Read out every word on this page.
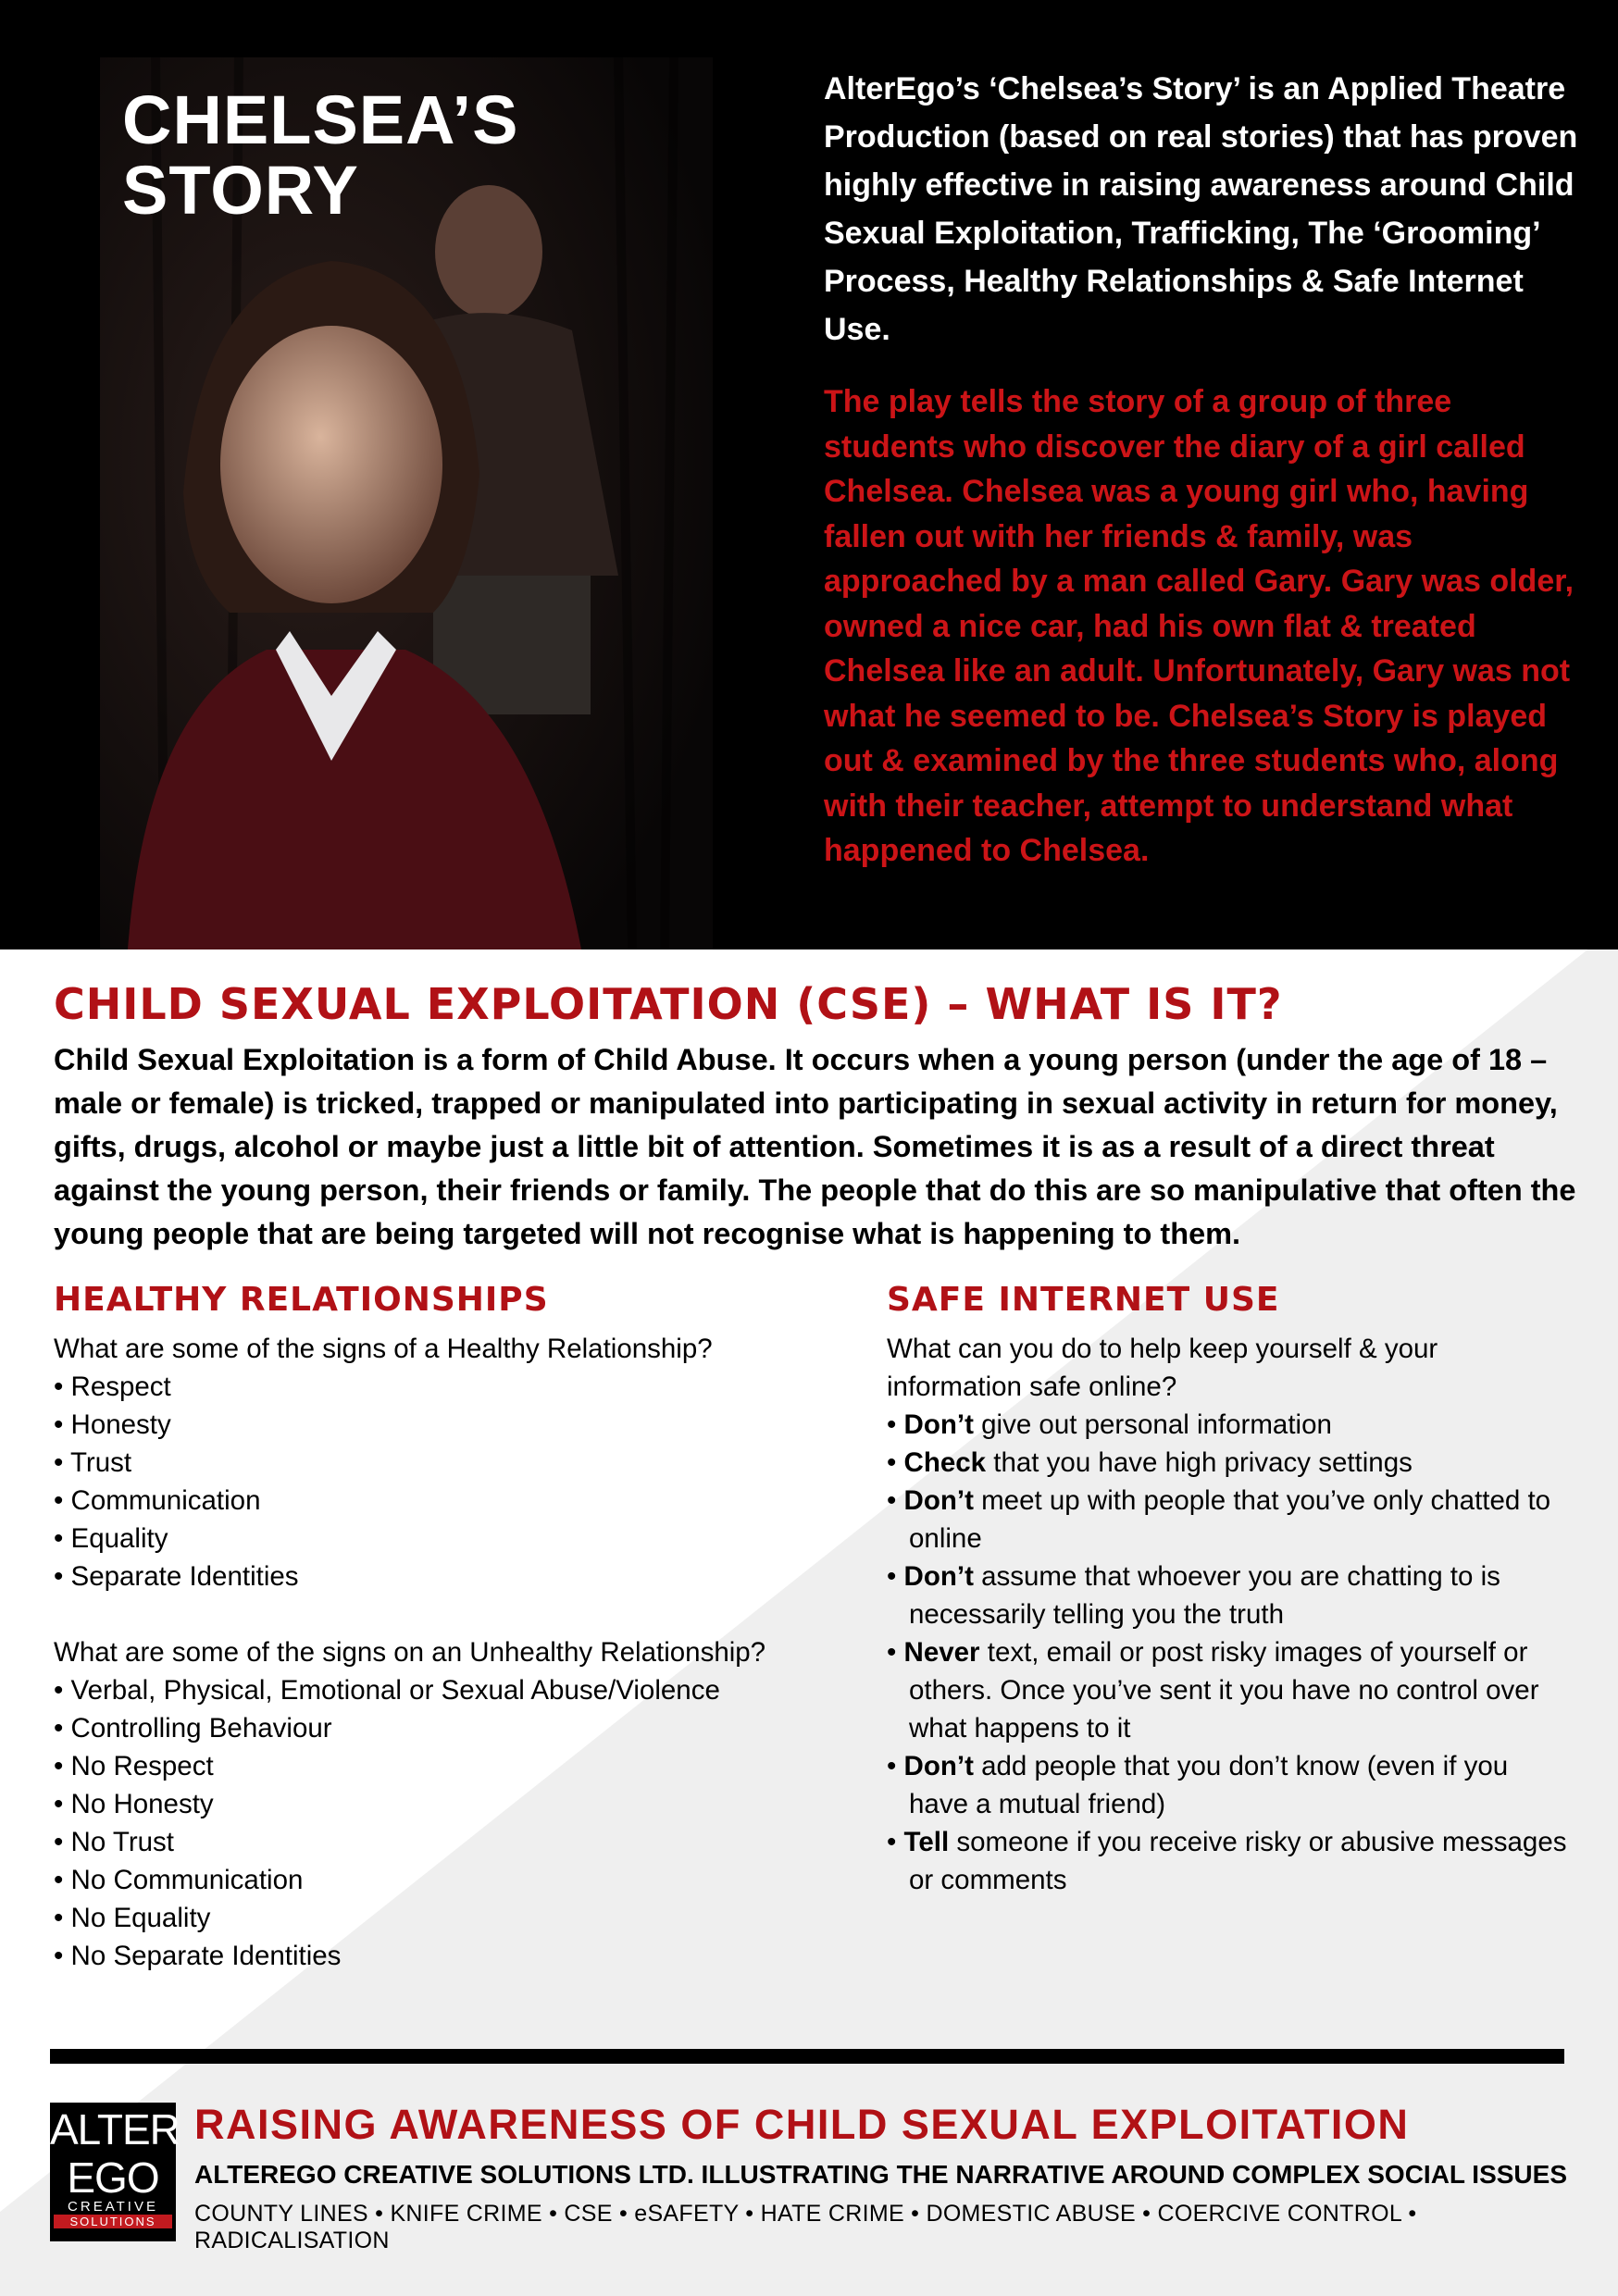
CHELSEA’S
STORY

AlterEgo’s ‘Chelsea’s Story’ is an Applied Theatre Production (based on real stories) that has proven highly effective in raising awareness around Child Sexual Exploitation, Trafficking, The ‘Grooming’ Process, Healthy Relationships & Safe Internet Use.

The play tells the story of a group of three students who discover the diary of a girl called Chelsea. Chelsea was a young girl who, having fallen out with her friends & family, was approached by a man called Gary. Gary was older, owned a nice car, had his own flat & treated Chelsea like an adult. Unfortunately, Gary was not what he seemed to be. Chelsea’s Story is played out & examined by the three students who, along with their teacher, attempt to understand what happened to Chelsea.

CHILD SEXUAL EXPLOITATION (CSE) – WHAT IS IT?

Child Sexual Exploitation is a form of Child Abuse. It occurs when a young person (under the age of 18 – male or female) is tricked, trapped or manipulated into participating in sexual activity in return for money, gifts, drugs, alcohol or maybe just a little bit of attention. Sometimes it is as a result of a direct threat against the young person, their friends or family. The people that do this are so manipulative that often the young people that are being targeted will not recognise what is happening to them.

HEALTHY RELATIONSHIPS

What are some of the signs of a Healthy Relationship?

• Respect
• Honesty
• Trust
• Communication
• Equality
• Separate Identities

What are some of the signs on an Unhealthy Relationship?

• Verbal, Physical, Emotional or Sexual Abuse/Violence
• Controlling Behaviour
• No Respect
• No Honesty
• No Trust
• No Communication
• No Equality
• No Separate Identities
SAFE INTERNET USE

What can you do to help keep yourself & your information safe online?

• Don’t give out personal information
• Check that you have high privacy settings
• Don’t meet up with people that you’ve only chatted to online
• Don’t assume that whoever you are chatting to is necessarily telling you the truth
• Never text, email or post risky images of yourself or others. Once you’ve sent it you have no control over what happens to it
• Don’t add people that you don’t know (even if you have a mutual friend)
• Tell someone if you receive risky or abusive messages or comments
ALTER
EGO
CREATIVE
SOLUTIONS
RAISING AWARENESS OF CHILD SEXUAL EXPLOITATION

ALTEREGO CREATIVE SOLUTIONS LTD. ILLUSTRATING THE NARRATIVE AROUND COMPLEX SOCIAL ISSUES

COUNTY LINES • KNIFE CRIME • CSE • eSAFETY • HATE CRIME • DOMESTIC ABUSE • COERCIVE CONTROL • RADICALISATION
